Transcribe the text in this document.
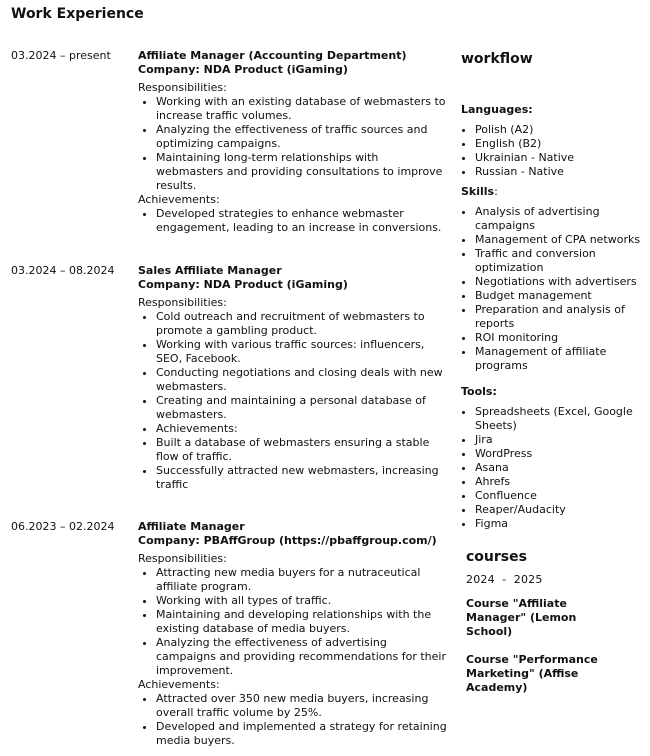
Work Experience
03.2024 – present	Affiliate Manager (Accounting Department)
Company: NDA Product (iGaming)
Responsibilities:
• Working with an existing database of webmasters to increase traffic volumes.
• Analyzing the effectiveness of traffic sources and optimizing campaigns.
• Maintaining long-term relationships with webmasters and providing consultations to improve results.
Achievements:
• Developed strategies to enhance webmaster engagement, leading to an increase in conversions.
03.2024 – 08.2024	Sales Affiliate Manager
Company: NDA Product (iGaming)
Responsibilities:
• Cold outreach and recruitment of webmasters to promote a gambling product.
• Working with various traffic sources: influencers, SEO, Facebook.
• Conducting negotiations and closing deals with new webmasters.
• Creating and maintaining a personal database of webmasters.
• Achievements:
• Built a database of webmasters ensuring a stable flow of traffic.
• Successfully attracted new webmasters, increasing traffic
06.2023 – 02.2024	Affiliate Manager
Company: PBAffGroup (https://pbaffgroup.com/)
Responsibilities:
• Attracting new media buyers for a nutraceutical affiliate program.
• Working with all types of traffic.
• Maintaining and developing relationships with the existing database of media buyers.
• Analyzing the effectiveness of advertising campaigns and providing recommendations for their improvement.
Achievements:
• Attracted over 350 new media buyers, increasing overall traffic volume by 25%.
• Developed and implemented a strategy for retaining media buyers.
workflow
Languages:
• Polish (A2)
• English (B2)
• Ukrainian - Native
• Russian - Native
Skills:
• Analysis of advertising campaigns
• Management of CPA networks
• Traffic and conversion optimization
• Negotiations with advertisers
• Budget management
• Preparation and analysis of reports
• ROI monitoring
• Management of affiliate programs
Tools:
• Spreadsheets (Excel, Google Sheets)
• Jira
• WordPress
• Asana
• Ahrefs
• Confluence
• Reaper/Audacity
• Figma
courses
2024  -  2025
Course "Affiliate Manager" (Lemon School)
Course "Performance Marketing" (Affise Academy)
